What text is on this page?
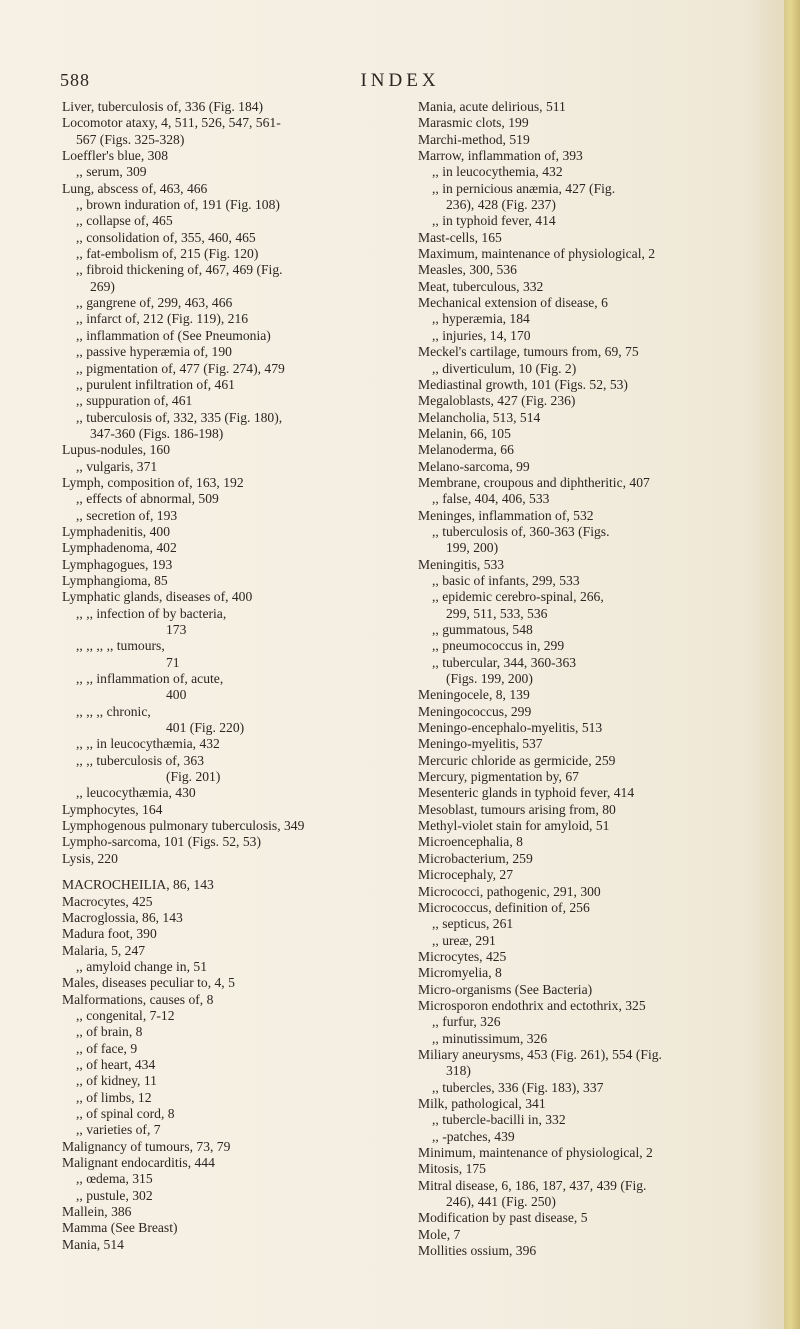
588	INDEX
Liver, tuberculosis of, 336 (Fig. 184)
Locomotor ataxy, 4, 511, 526, 547, 561-
567 (Figs. 325-328)
Loeffler's blue, 308
,, serum, 309
Lung, abscess of, 463, 466
,, brown induration of, 191 (Fig. 108)
,, collapse of, 465
,, consolidation of, 355, 460, 465
,, fat-embolism of, 215 (Fig. 120)
,, fibroid thickening of, 467, 469 (Fig.
269)
,, gangrene of, 299, 463, 466
,, infarct of, 212 (Fig. 119), 216
,, inflammation of (See Pneumonia)
,, passive hyperæmia of, 190
,, pigmentation of, 477 (Fig. 274), 479
,, purulent infiltration of, 461
,, suppuration of, 461
,, tuberculosis of, 332, 335 (Fig. 180),
347-360 (Figs. 186-198)
Lupus-nodules, 160
,, vulgaris, 371
Lymph, composition of, 163, 192
,, effects of abnormal, 509
,, secretion of, 193
Lymphadenitis, 400
Lymphadenoma, 402
Lymphagogues, 193
Lymphangioma, 85
Lymphatic glands, diseases of, 400
,, ,, infection of by bacteria,
173
,, ,, ,, ,, tumours,
71
,, ,, inflammation of, acute,
400
,, ,, ,, chronic,
401 (Fig. 220)
,, ,, in leucocythæmia, 432
,, ,, tuberculosis of, 363
(Fig. 201)
,, leucocythæmia, 430
Lymphocytes, 164
Lymphogenous pulmonary tuberculosis, 349
Lympho-sarcoma, 101 (Figs. 52, 53)
Lysis, 220
MACROCHEILIA, 86, 143
Macrocytes, 425
Macroglossia, 86, 143
Madura foot, 390
Malaria, 5, 247
,, amyloid change in, 51
Males, diseases peculiar to, 4, 5
Malformations, causes of, 8
,, congenital, 7-12
,, of brain, 8
,, of face, 9
,, of heart, 434
,, of kidney, 11
,, of limbs, 12
,, of spinal cord, 8
,, varieties of, 7
Malignancy of tumours, 73, 79
Malignant endocarditis, 444
,, œdema, 315
,, pustule, 302
Mallein, 386
Mamma (See Breast)
Mania, 514
Mania, acute delirious, 511
Marasmic clots, 199
Marchi-method, 519
Marrow, inflammation of, 393
,, in leucocythemia, 432
,, in pernicious anæmia, 427 (Fig.
236), 428 (Fig. 237)
,, in typhoid fever, 414
Mast-cells, 165
Maximum, maintenance of physiological, 2
Measles, 300, 536
Meat, tuberculous, 332
Mechanical extension of disease, 6
,, hyperæmia, 184
,, injuries, 14, 170
Meckel's cartilage, tumours from, 69, 75
,, diverticulum, 10 (Fig. 2)
Mediastinal growth, 101 (Figs. 52, 53)
Megaloblasts, 427 (Fig. 236)
Melancholia, 513, 514
Melanin, 66, 105
Melanoderma, 66
Melano-sarcoma, 99
Membrane, croupous and diphtheritic, 407
,, false, 404, 406, 533
Meninges, inflammation of, 532
,, tuberculosis of, 360-363 (Figs.
199, 200)
Meningitis, 533
,, basic of infants, 299, 533
,, epidemic cerebro-spinal, 266,
299, 511, 533, 536
,, gummatous, 548
,, pneumococcus in, 299
,, tubercular, 344, 360-363
(Figs. 199, 200)
Meningocele, 8, 139
Meningococcus, 299
Meningo-encephalo-myelitis, 513
Meningo-myelitis, 537
Mercuric chloride as germicide, 259
Mercury, pigmentation by, 67
Mesenteric glands in typhoid fever, 414
Mesoblast, tumours arising from, 80
Methyl-violet stain for amyloid, 51
Microencephalia, 8
Microbacterium, 259
Microcephaly, 27
Micrococci, pathogenic, 291, 300
Micrococcus, definition of, 256
,, septicus, 261
,, ureæ, 291
Microcytes, 425
Micromyelia, 8
Micro-organisms (See Bacteria)
Microsporon endothrix and ectothrix, 325
,, furfur, 326
,, minutissimum, 326
Miliary aneurysms, 453 (Fig. 261), 554 (Fig.
318)
,, tubercles, 336 (Fig. 183), 337
Milk, pathological, 341
,, tubercle-bacilli in, 332
,, -patches, 439
Minimum, maintenance of physiological, 2
Mitosis, 175
Mitral disease, 6, 186, 187, 437, 439 (Fig.
246), 441 (Fig. 250)
Modification by past disease, 5
Mole, 7
Mollities ossium, 396
